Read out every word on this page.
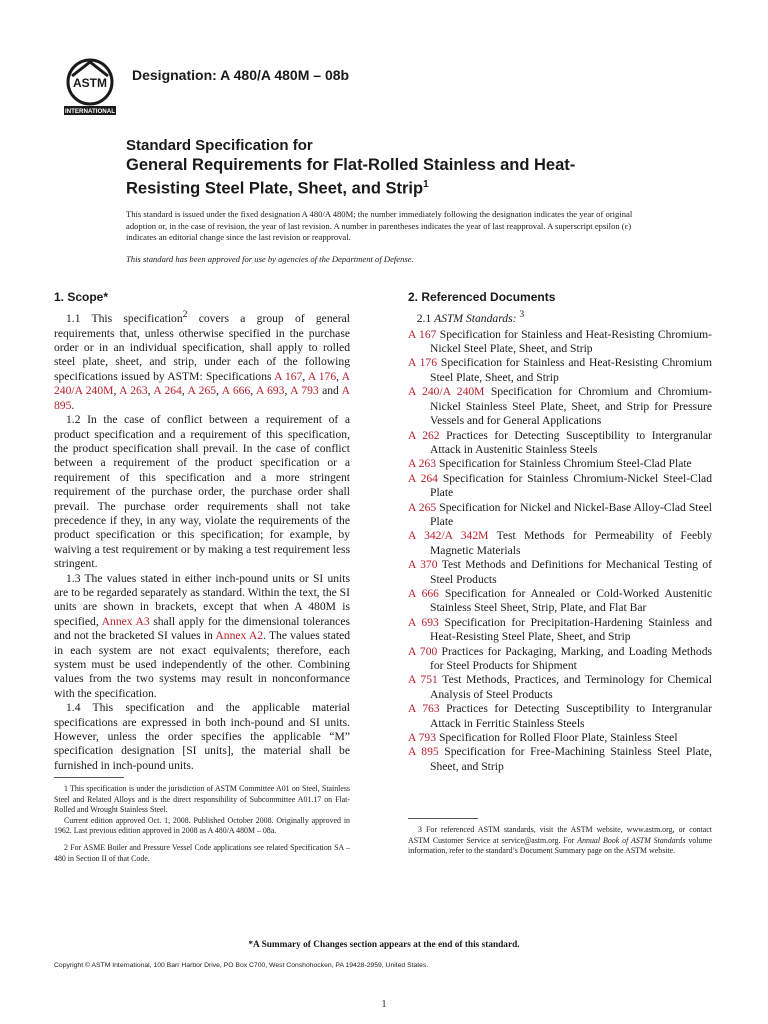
ASTM
INTERNATIONAL
Designation: A 480/A 480M – 08b
Standard Specification for
General Requirements for Flat-Rolled Stainless and Heat-
Resisting Steel Plate, Sheet, and Strip$^1$
This standard is issued under the fixed designation A 480/A 480M; the number immediately following the designation indicates the year of original adoption or, in the case of revision, the year of last revision. A number in parentheses indicates the year of last reapproval. A superscript epsilon (ε) indicates an editorial change since the last revision or reapproval.
This standard has been approved for use by agencies of the Department of Defense.
1. Scope*

1.1 This specification$^2$ covers a group of general requirements that, unless otherwise specified in the purchase order or in an individual specification, shall apply to rolled steel plate, sheet, and strip, under each of the following specifications issued by ASTM: Specifications A 167, A 176, A 240/A 240M, A 263, A 264, A 265, A 666, A 693, A 793 and A 895.

1.2 In the case of conflict between a requirement of a product specification and a requirement of this specification, the product specification shall prevail. In the case of conflict between a requirement of the product specification or a requirement of this specification and a more stringent requirement of the purchase order, the purchase order shall prevail. The purchase order requirements shall not take precedence if they, in any way, violate the requirements of the product specification or this specification; for example, by waiving a test requirement or by making a test requirement less stringent.

1.3 The values stated in either inch-pound units or SI units are to be regarded separately as standard. Within the text, the SI units are shown in brackets, except that when A 480M is specified, Annex A3 shall apply for the dimensional tolerances and not the bracketed SI values in Annex A2. The values stated in each system are not exact equivalents; therefore, each system must be used independently of the other. Combining values from the two systems may result in nonconformance with the specification.

1.4 This specification and the applicable material specifications are expressed in both inch-pound and SI units. However, unless the order specifies the applicable “M” specification designation [SI units], the material shall be furnished in inch-pound units.

2. Referenced Documents

2.1 ASTM Standards: $^3$

A 167 Specification for Stainless and Heat-Resisting Chromium-Nickel Steel Plate, Sheet, and Strip

A 176 Specification for Stainless and Heat-Resisting Chromium Steel Plate, Sheet, and Strip

A 240/A 240M Specification for Chromium and Chromium-Nickel Stainless Steel Plate, Sheet, and Strip for Pressure Vessels and for General Applications

A 262 Practices for Detecting Susceptibility to Intergranular Attack in Austenitic Stainless Steels

A 263 Specification for Stainless Chromium Steel-Clad Plate

A 264 Specification for Stainless Chromium-Nickel Steel-Clad Plate

A 265 Specification for Nickel and Nickel-Base Alloy-Clad Steel Plate

A 342/A 342M Test Methods for Permeability of Feebly Magnetic Materials

A 370 Test Methods and Definitions for Mechanical Testing of Steel Products

A 666 Specification for Annealed or Cold-Worked Austenitic Stainless Steel Sheet, Strip, Plate, and Flat Bar

A 693 Specification for Precipitation-Hardening Stainless and Heat-Resisting Steel Plate, Sheet, and Strip

A 700 Practices for Packaging, Marking, and Loading Methods for Steel Products for Shipment

A 751 Test Methods, Practices, and Terminology for Chemical Analysis of Steel Products

A 763 Practices for Detecting Susceptibility to Intergranular Attack in Ferritic Stainless Steels

A 793 Specification for Rolled Floor Plate, Stainless Steel

A 895 Specification for Free-Machining Stainless Steel Plate, Sheet, and Strip

1 This specification is under the jurisdiction of ASTM Committee A01 on Steel, Stainless Steel and Related Alloys and is the direct responsibility of Subcommittee A01.17 on Flat-Rolled and Wrought Stainless Steel.

Current edition approved Oct. 1, 2008. Published October 2008. Originally approved in 1962. Last previous edition approved in 2008 as A 480/A 480M – 08a.

2 For ASME Boiler and Pressure Vessel Code applications see related Specification SA – 480 in Section II of that Code.

3 For referenced ASTM standards, visit the ASTM website, www.astm.org, or contact ASTM Customer Service at service@astm.org. For Annual Book of ASTM Standards volume information, refer to the standard’s Document Summary page on the ASTM website.

*A Summary of Changes section appears at the end of this standard.
Copyright © ASTM International, 100 Barr Harbor Drive, PO Box C700, West Conshohocken, PA 19428-2959, United States.
1
